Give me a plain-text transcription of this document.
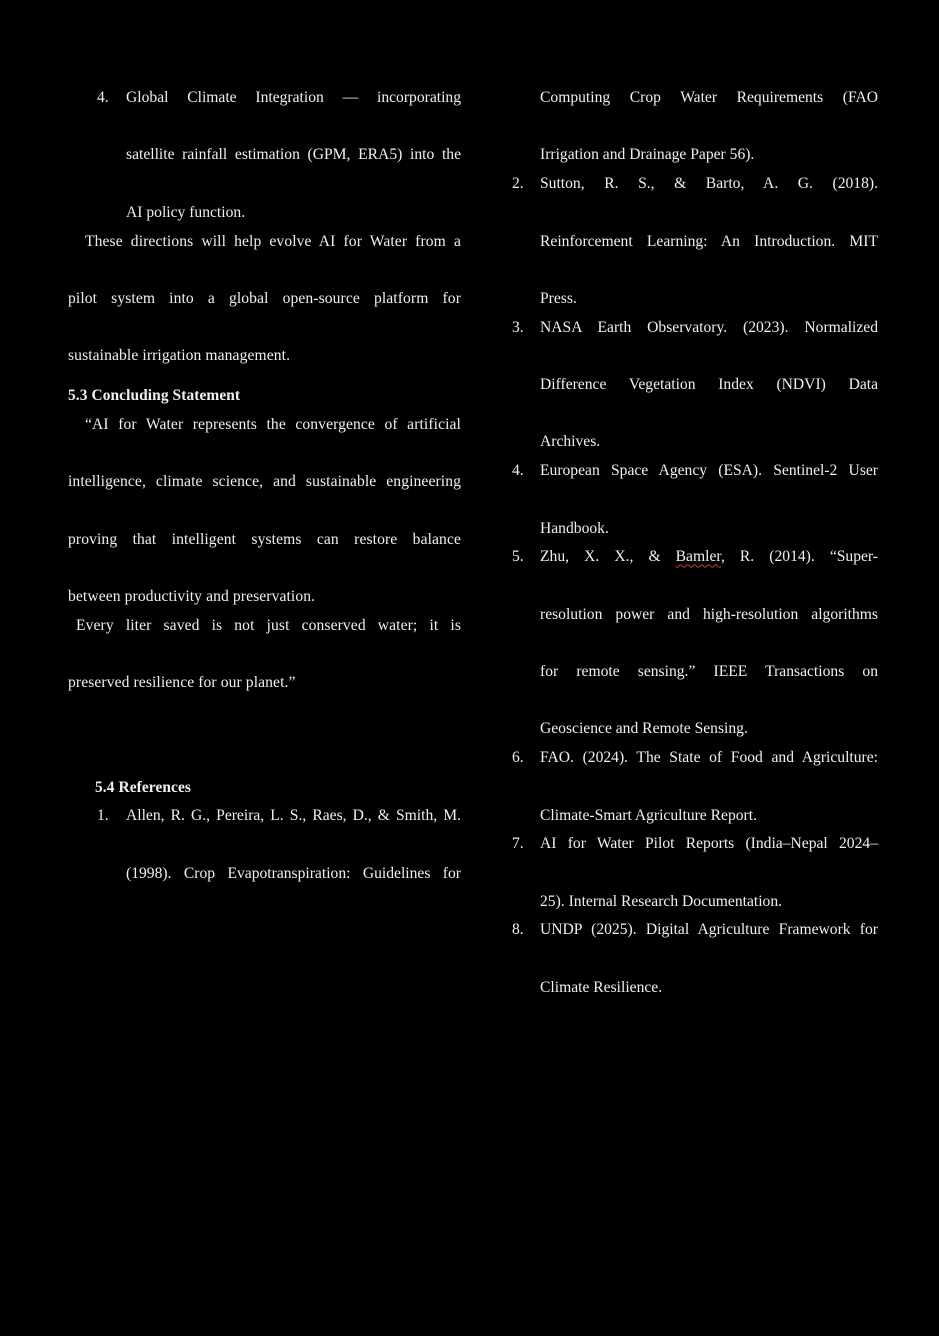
4.	Global Climate Integration — incorporating
satellite rainfall estimation (GPM, ERA5) into the
AI policy function.

These directions will help evolve AI for Water from a
pilot system into a global open-source platform for
sustainable irrigation management.

5.3 Concluding Statement

“AI for Water represents the convergence of artificial
intelligence, climate science, and sustainable engineering
proving that intelligent systems can restore balance
between productivity and preservation.

Every liter saved is not just conserved water; it is
preserved resilience for our planet.”

5.4 References
1.	Allen, R. G., Pereira, L. S., Raes, D., & Smith, M.
(1998). Crop Evapotranspiration: Guidelines for
Computing Crop Water Requirements (FAO
Irrigation and Drainage Paper 56).
2.	Sutton, R. S., & Barto, A. G. (2018).
Reinforcement Learning: An Introduction. MIT
Press.
3.	NASA Earth Observatory. (2023). Normalized
Difference Vegetation Index (NDVI) Data
Archives.
4.	European Space Agency (ESA). Sentinel-2 User
Handbook.
5.	Zhu, X. X., & Bamler, R. (2014). “Super-
resolution power and high-resolution algorithms
for remote sensing.” IEEE Transactions on
Geoscience and Remote Sensing.
6.	FAO. (2024). The State of Food and Agriculture:
Climate-Smart Agriculture Report.
7.	AI for Water Pilot Reports (India–Nepal 2024–
25). Internal Research Documentation.
8.	UNDP (2025). Digital Agriculture Framework for
Climate Resilience.
